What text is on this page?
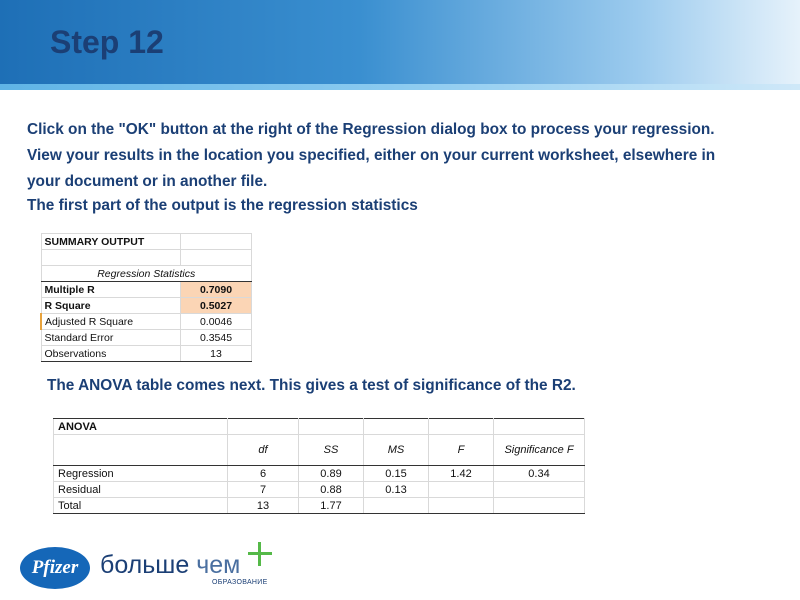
Step 12

Click on the "OK" button at the right of the Regression dialog box to process your regression. View your results in the location you specified, either on your current worksheet, elsewhere in your document or in another file.

The first part of the output is the regression statistics

SUMMARY OUTPUT	

Regression Statistics	
Multiple R	0.7090
R Square	0.5027
Adjusted R Square	0.0046
Standard Error	0.3545
Observations	13

The ANOVA table comes next. This gives a test of significance of the R2.

ANOVA					
	df	SS	MS	F	Significance F
Regression	6	0.89	0.15	1.42	0.34
Residual	7	0.88	0.13		
Total	13	1.77			
Pfizer больше чем
ОБРАЗОВАНИЕ
